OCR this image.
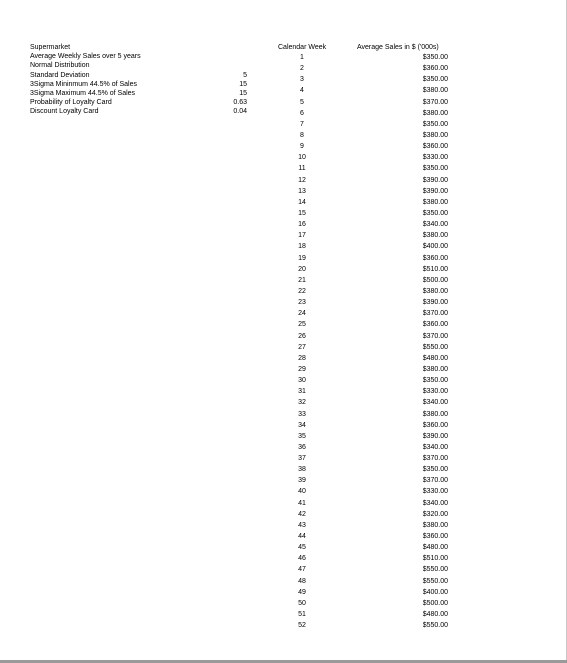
Supermarket
Average Weekly Sales over 5 years
Normal Distribution
Standard Deviation
3Sigma Mininmum 44.5% of Sales
3Sigma Maximum 44.5% of Sales
Probability of Loyalty Card
Discount Loyalty Card
5
15
15
0.63
0.04
Calendar Week	Average Sales in $ ('000s)
1
2
3
4
5
6
7
8
9
10
11
12
13
14
15
16
17
18
19
20
21
22
23
24
25
26
27
28
29
30
31
32
33
34
35
36
37
38
39
40
41
42
43
44
45
46
47
48
49
50
51
52
$350.00
$360.00
$350.00
$380.00
$370.00
$380.00
$350.00
$380.00
$360.00
$330.00
$350.00
$390.00
$390.00
$380.00
$350.00
$340.00
$380.00
$400.00
$360.00
$510.00
$500.00
$380.00
$390.00
$370.00
$360.00
$370.00
$550.00
$480.00
$380.00
$350.00
$330.00
$340.00
$380.00
$360.00
$390.00
$340.00
$370.00
$350.00
$370.00
$330.00
$340.00
$320.00
$380.00
$360.00
$480.00
$510.00
$550.00
$550.00
$400.00
$500.00
$480.00
$550.00
